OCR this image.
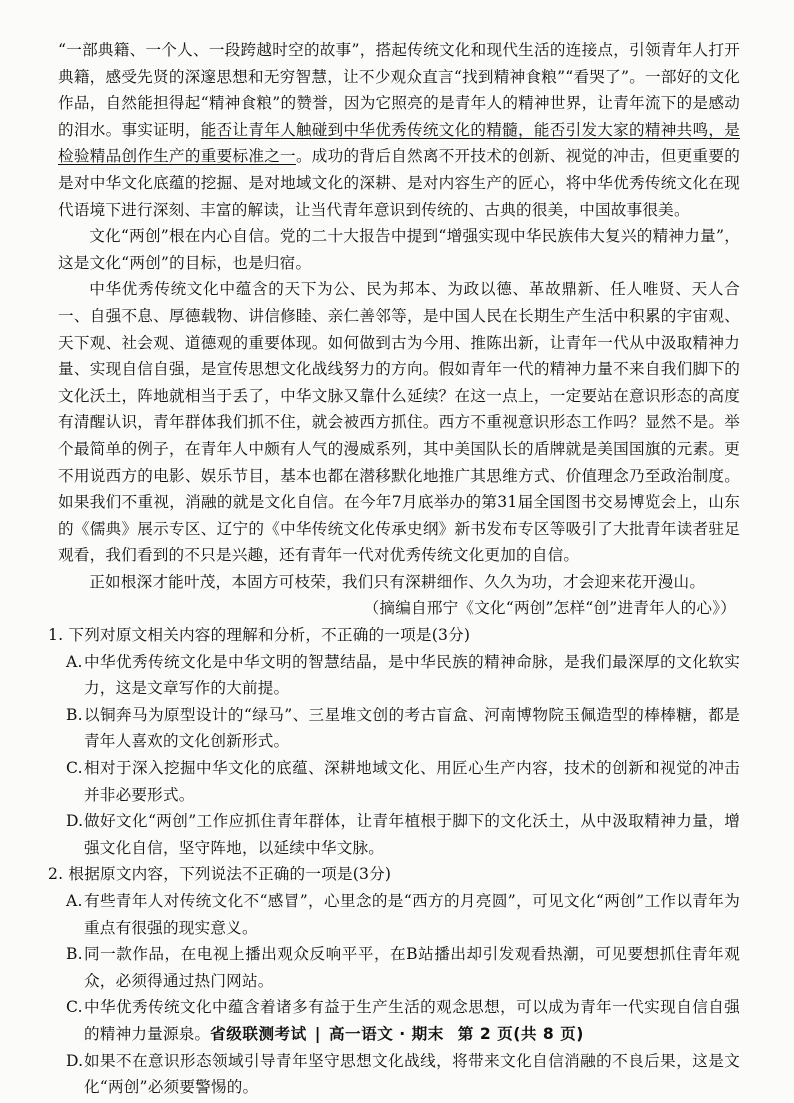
“一部典籍、一个人、一段跨越时空的故事”，搭起传统文化和现代生活的连接点，引领青年人打开典籍，感受先贤的深邃思想和无穷智慧，让不少观众直言“找到精神食粮”“看哭了”。一部好的文化作品，自然能担得起“精神食粮”的赞誉，因为它照亮的是青年人的精神世界，让青年流下的是感动的泪水。事实证明，能否让青年人触碰到中华优秀传统文化的精髓，能否引发大家的精神共鸣，是检验精品创作生产的重要标准之一。成功的背后自然离不开技术的创新、视觉的冲击，但更重要的是对中华文化底蕴的挖掘、是对地域文化的深耕、是对内容生产的匠心，将中华优秀传统文化在现代语境下进行深刻、丰富的解读，让当代青年意识到传统的、古典的很美，中国故事很美。

文化“两创”根在内心自信。党的二十大报告中提到“增强实现中华民族伟大复兴的精神力量”，这是文化“两创”的目标，也是归宿。

中华优秀传统文化中蕴含的天下为公、民为邦本、为政以德、革故鼎新、任人唯贤、天人合一、自强不息、厚德载物、讲信修睦、亲仁善邻等，是中国人民在长期生产生活中积累的宇宙观、天下观、社会观、道德观的重要体现。如何做到古为今用、推陈出新，让青年一代从中汲取精神力量、实现自信自强，是宣传思想文化战线努力的方向。假如青年一代的精神力量不来自我们脚下的文化沃土，阵地就相当于丢了，中华文脉又靠什么延续？在这一点上，一定要站在意识形态的高度有清醒认识，青年群体我们抓不住，就会被西方抓住。西方不重视意识形态工作吗？显然不是。举个最简单的例子，在青年人中颇有人气的漫威系列，其中美国队长的盾牌就是美国国旗的元素。更不用说西方的电影、娱乐节目，基本也都在潜移默化地推广其思维方式、价值理念乃至政治制度。如果我们不重视，消融的就是文化自信。在今年7月底举办的第31届全国图书交易博览会上，山东的《儒典》展示专区、辽宁的《中华传统文化传承史纲》新书发布专区等吸引了大批青年读者驻足观看，我们看到的不只是兴趣，还有青年一代对优秀传统文化更加的自信。

正如根深才能叶茂，本固方可枝荣，我们只有深耕细作、久久为功，才会迎来花开漫山。

（摘编自邢宁《文化“两创”怎样“创”进青年人的心》）

1. 下列对原文相关内容的理解和分析，不正确的一项是(3分)

A. 中华优秀传统文化是中华文明的智慧结晶，是中华民族的精神命脉，是我们最深厚的文化软实力，这是文章写作的大前提。
B. 以铜奔马为原型设计的“绿马”、三星堆文创的考古盲盒、河南博物院玉佩造型的棒棒糖，都是青年人喜欢的文化创新形式。
C. 相对于深入挖掘中华文化的底蕴、深耕地域文化、用匠心生产内容，技术的创新和视觉的冲击并非必要形式。
D. 做好文化“两创”工作应抓住青年群体，让青年植根于脚下的文化沃土，从中汲取精神力量，增强文化自信，坚守阵地，以延续中华文脉。

2. 根据原文内容，下列说法不正确的一项是(3分)

A. 有些青年人对传统文化不“感冒”，心里念的是“西方的月亮圆”，可见文化“两创”工作以青年为重点有很强的现实意义。
B. 同一款作品，在电视上播出观众反响平平，在B站播出却引发观看热潮，可见要想抓住青年观众，必须得通过热门网站。
C. 中华优秀传统文化中蕴含着诸多有益于生产生活的观念思想，可以成为青年一代实现自信自强的精神力量源泉。
D. 如果不在意识形态领域引导青年坚守思想文化战线，将带来文化自信消融的不良后果，这是文化“两创”必须要警惕的。
省级联测考试 | 高一语文 · 期末 第 2 页(共 8 页)
